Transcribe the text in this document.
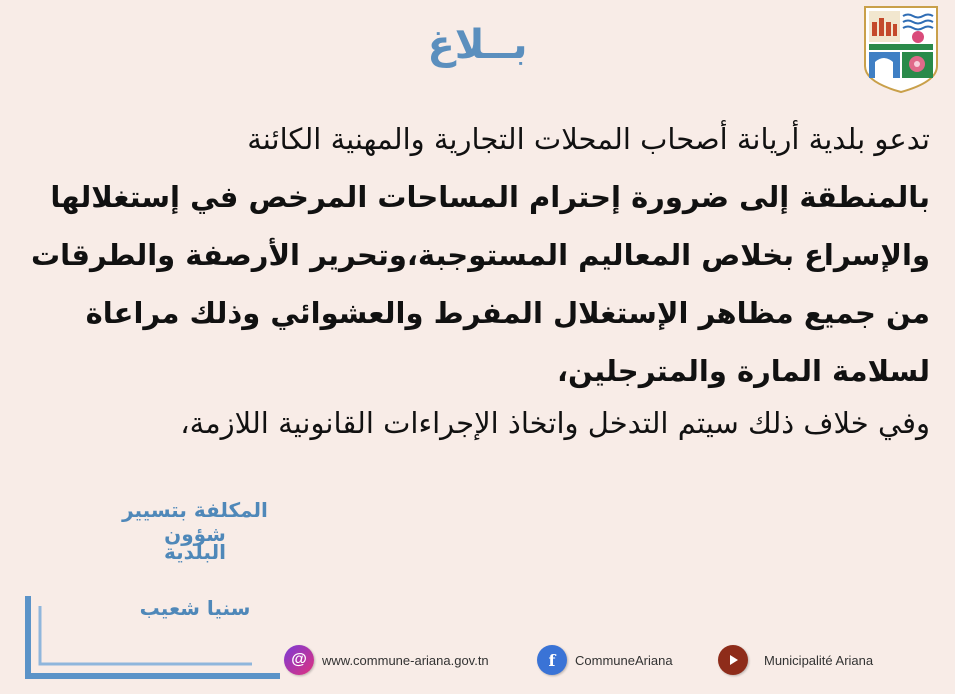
بــلاغ
تدعو بلدية أريانة أصحاب المحلات التجارية والمهنية الكائنة
بالمنطقة إلى ضرورة إحترام المساحات المرخص في إستغلالها
والإسراع بخلاص المعاليم المستوجبة،وتحرير الأرصفة والطرقات
من جميع مظاهر الإستغلال المفرط والعشوائي وذلك مراعاة
لسلامة المارة والمترجلين،
وفي خلاف ذلك سيتم التدخل واتخاذ الإجراءات القانونية اللازمة،
المكلفة بتسيير شؤون
البلدية
سنيا شعيب
@	www.commune-ariana.gov.tn	f	CommuneAriana	Municipalité Ariana
